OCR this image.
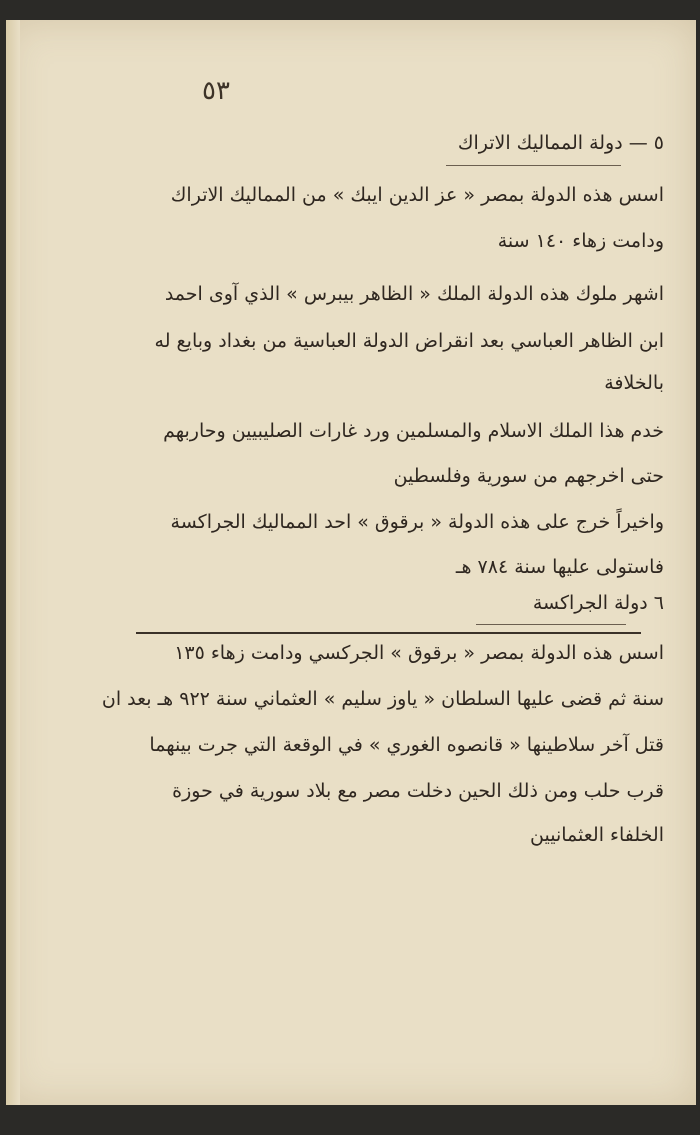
٥٣
٥ — دولة المماليك الاتراك
اسس هذه الدولة بمصر « عز الدين ايبك » من المماليك الاتراك
ودامت زهاء ١٤٠ سنة
اشهر ملوك هذه الدولة الملك « الظاهر بيبرس » الذي آوى احمد
ابن الظاهر العباسي بعد انقراض الدولة العباسية من بغداد وبايع له
بالخلافة
خدم هذا الملك الاسلام والمسلمين ورد غارات الصليبيين وحاربهم
حتى اخرجهم من سورية وفلسطين
واخيراً خرج على هذه الدولة « برقوق » احد المماليك الجراكسة
فاستولى عليها سنة ٧٨٤ هـ
٦ دولة الجراكسة
اسس هذه الدولة بمصر « برقوق » الجركسي ودامت زهاء ١٣٥
سنة ثم قضى عليها السلطان « ياوز سليم » العثماني سنة ٩٢٢ هـ بعد ان
قتل آخر سلاطينها « قانصوه الغوري » في الوقعة التي جرت بينهما
قرب حلب ومن ذلك الحين دخلت مصر مع بلاد سورية في حوزة
الخلفاء العثمانيين
